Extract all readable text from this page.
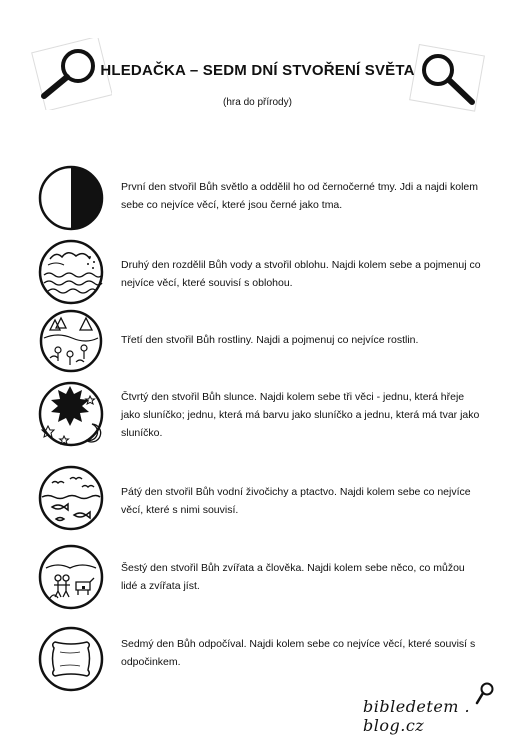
HLEDAČKA – SEDM DNÍ STVOŘENÍ SVĚTA
(hra do přírody)
První den stvořil Bůh světlo a oddělil ho od černočerné tmy. Jdi a najdi kolem sebe co nejvíce věcí, které jsou černé jako tma.
Druhý den rozdělil Bůh vody a stvořil oblohu. Najdi kolem sebe a pojmenuj co nejvíce věcí, které souvisí s oblohou.
Třetí den stvořil Bůh rostliny. Najdi a pojmenuj co nejvíce rostlin.
Čtvrtý den stvořil Bůh slunce. Najdi kolem sebe tři věci - jednu, která hřeje jako sluníčko; jednu, která má barvu jako sluníčko a jednu, která má tvar jako sluníčko.
Pátý den stvořil Bůh vodní živočichy a ptactvo. Najdi kolem sebe co nejvíce věcí, které s nimi souvisí.
Šestý den stvořil Bůh zvířata a člověka. Najdi kolem sebe něco, co můžou lidé a zvířata jíst.
Sedmý den Bůh odpočíval. Najdi kolem sebe co nejvíce věcí, které souvisí s odpočinkem.
bibledetem . blog.cz
